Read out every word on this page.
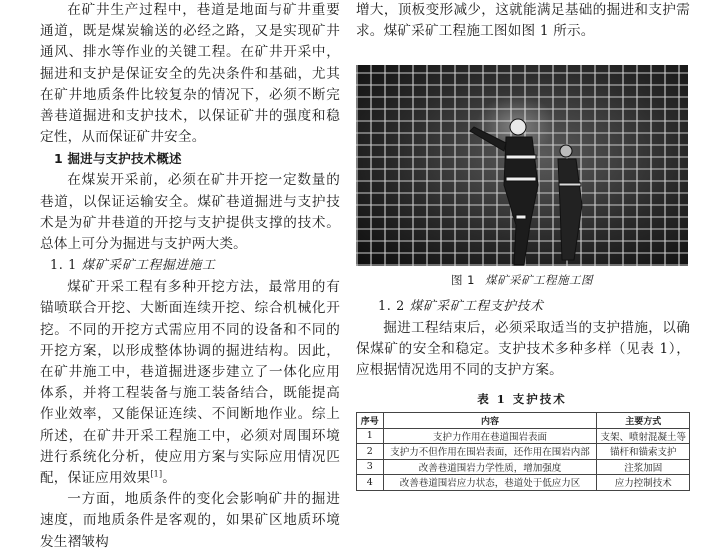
在矿井生产过程中，巷道是地面与矿井重要通道，既是煤炭输送的必经之路，又是实现矿井通风、排水等作业的关键工程。在矿井开采中，掘进和支护是保证安全的先决条件和基础，尤其在矿井地质条件比较复杂的情况下，必须不断完善巷道掘进和支护技术，以保证矿井的强度和稳定性，从而保证矿井安全。

1 掘进与支护技术概述

在煤炭开采前，必须在矿井开挖一定数量的巷道，以保证运输安全。煤矿巷道掘进与支护技术是为矿井巷道的开挖与支护提供支撑的技术。总体上可分为掘进与支护两大类。

1. 1 煤矿采矿工程掘进施工

煤矿开采工程有多种开挖方法，最常用的有锚喷联合开挖、大断面连续开挖、综合机械化开挖。不同的开挖方式需应用不同的设备和不同的开挖方案，以形成整体协调的掘进结构。因此，在矿井施工中，巷道掘进逐步建立了一体化应用体系，并将工程装备与施工装备结合，既能提高作业效率，又能保证连续、不间断地作业。综上所述，在矿井开采工程施工中，必须对周围环境进行系统化分析，使应用方案与实际应用情况匹配，保证应用效果[1]。

一方面，地质条件的变化会影响矿井的掘进速度，而地质条件是客观的，如果矿区地质环境发生褶皱构

增大，顶板变形减少，这就能满足基础的掘进和支护需求。煤矿采矿工程施工图如图 1 所示。

图 1 煤矿采矿工程施工图

1. 2 煤矿采矿工程支护技术

掘进工程结束后，必须采取适当的支护措施，以确保煤矿的安全和稳定。支护技术多种多样（见表 1），应根据情况选用不同的支护方案。

表 1 支护技术
序号	内容	主要方式
1	支护力作用在巷道围岩表面	支架、喷射混凝土等
2	支护力不但作用在围岩表面，还作用在围岩内部	锚杆和锚索支护
3	改善巷道围岩力学性质，增加强度	注浆加固
4	改善巷道围岩应力状态，巷道处于低应力区	应力控制技术
